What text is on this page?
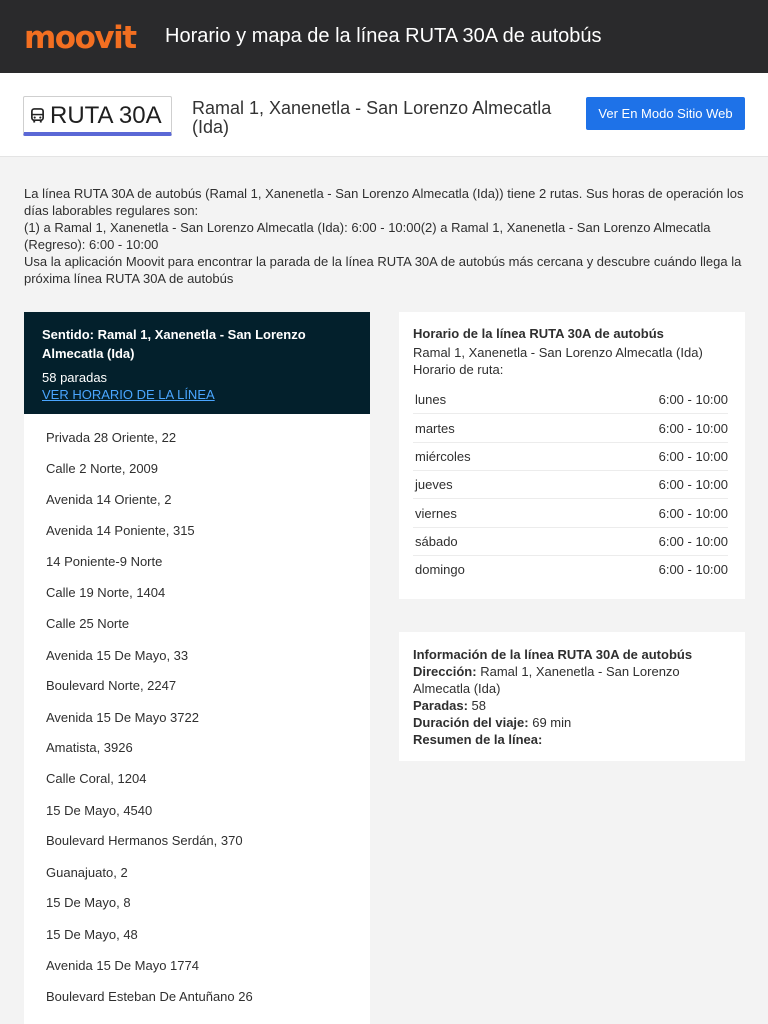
moovit Horario y mapa de la línea RUTA 30A de autobús
RUTA 30A Ramal 1, Xanenetla - San Lorenzo Almecatla (Ida)
Ver En Modo Sitio Web
La línea RUTA 30A de autobús (Ramal 1, Xanenetla - San Lorenzo Almecatla (Ida)) tiene 2 rutas. Sus horas de operación los días laborables regulares son:
(1) a Ramal 1, Xanenetla - San Lorenzo Almecatla (Ida): 6:00 - 10:00(2) a Ramal 1, Xanenetla - San Lorenzo Almecatla (Regreso): 6:00 - 10:00
Usa la aplicación Moovit para encontrar la parada de la línea RUTA 30A de autobús más cercana y descubre cuándo llega la próxima línea RUTA 30A de autobús
Sentido: Ramal 1, Xanenetla - San Lorenzo Almecatla (Ida)
58 paradas
VER HORARIO DE LA LÍNEA
Privada 28 Oriente, 22
Calle 2 Norte, 2009
Avenida 14 Oriente, 2
Avenida 14 Poniente, 315
14 Poniente-9 Norte
Calle 19 Norte, 1404
Calle 25 Norte
Avenida 15 De Mayo, 33
Boulevard Norte, 2247
Avenida 15 De Mayo 3722
Amatista, 3926
Calle Coral, 1204
15 De Mayo, 4540
Boulevard Hermanos Serdán, 370
Guanajuato, 2
15 De Mayo, 8
15 De Mayo, 48
Avenida 15 De Mayo 1774
Boulevard Esteban De Antuñano 26
Horario de la línea RUTA 30A de autobús
Ramal 1, Xanenetla - San Lorenzo Almecatla (Ida)
Horario de ruta:
lunes	6:00 - 10:00
martes	6:00 - 10:00
miércoles	6:00 - 10:00
jueves	6:00 - 10:00
viernes	6:00 - 10:00
sábado	6:00 - 10:00
domingo	6:00 - 10:00
Información de la línea RUTA 30A de autobús
Dirección: Ramal 1, Xanenetla - San Lorenzo Almecatla (Ida)
Paradas: 58
Duración del viaje: 69 min
Resumen de la línea:
